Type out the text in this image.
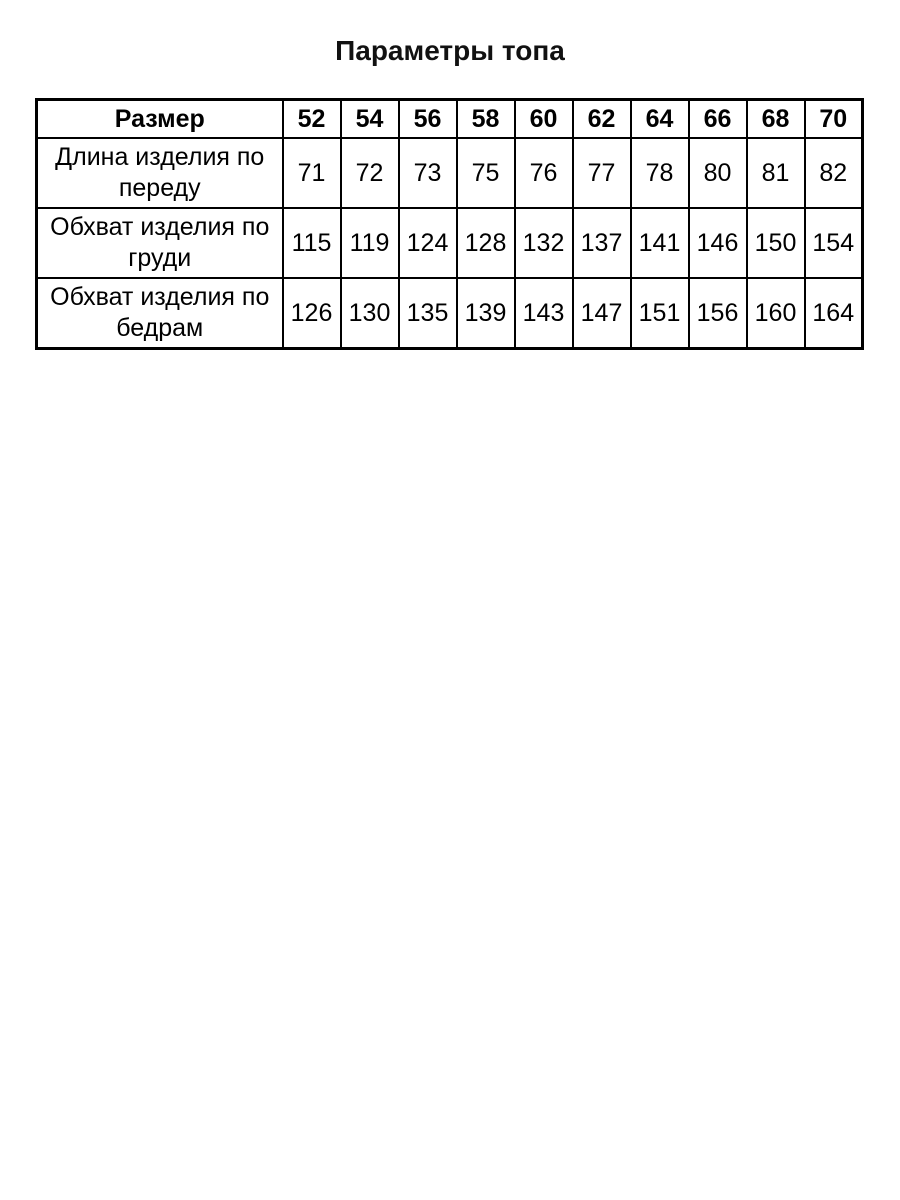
Параметры топа
Размер	52	54	56	58	60	62	64	66	68	70
Длина изделия по переду	71	72	73	75	76	77	78	80	81	82
Обхват изделия по груди	115	119	124	128	132	137	141	146	150	154
Обхват изделия по бедрам	126	130	135	139	143	147	151	156	160	164
